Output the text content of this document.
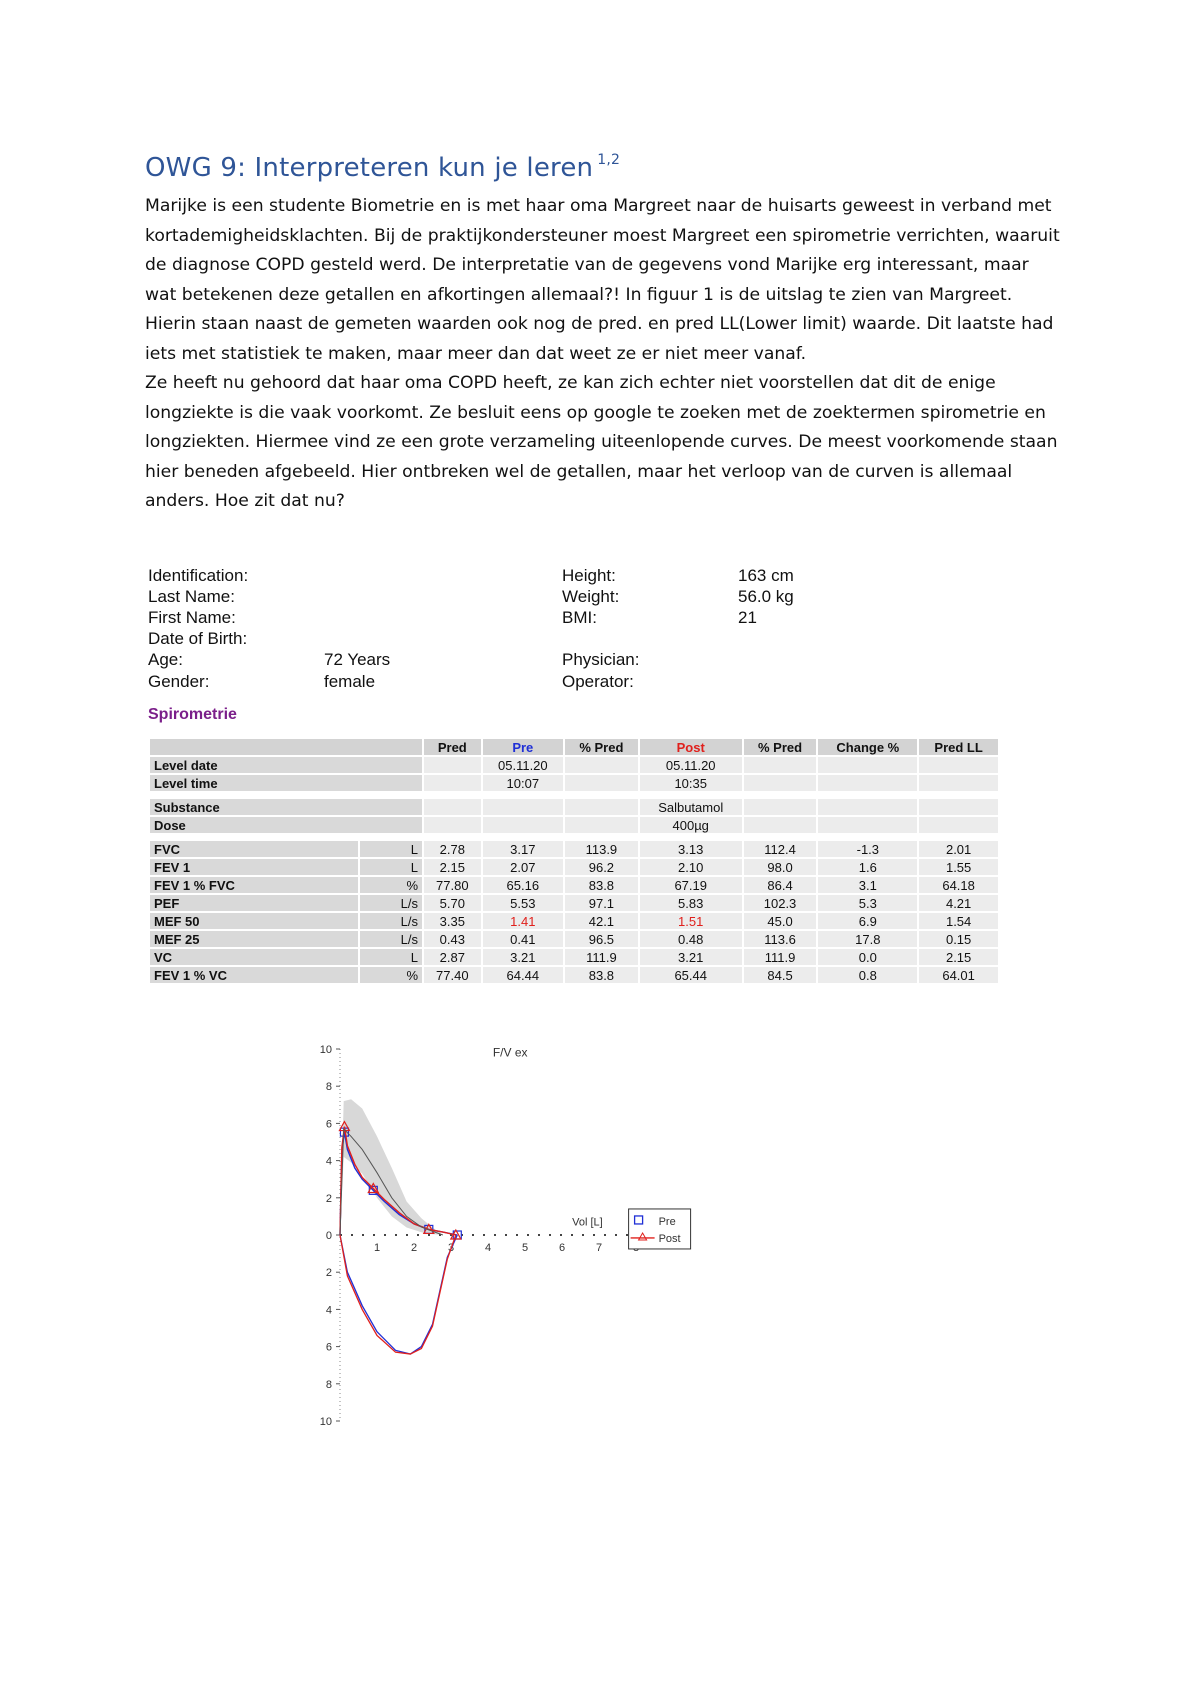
OWG 9: Interpreteren kun je leren $^{1,2}$

Marijke is een studente Biometrie en is met haar oma Margreet naar de huisarts geweest in verband met kortademigheidsklachten. Bij de praktijkondersteuner moest Margreet een spirometrie verrichten, waaruit de diagnose COPD gesteld werd. De interpretatie van de gegevens vond Marijke erg interessant, maar wat betekenen deze getallen en afkortingen allemaal?! In figuur 1 is de uitslag te zien van Margreet. Hierin staan naast de gemeten waarden ook nog de pred. en pred LL(Lower limit) waarde. Dit laatste had iets met statistiek te maken, maar meer dan dat weet ze er niet meer vanaf.

Ze heeft nu gehoord dat haar oma COPD heeft, ze kan zich echter niet voorstellen dat dit de enige longziekte is die vaak voorkomt. Ze besluit eens op google te zoeken met de zoektermen spirometrie en longziekten. Hiermee vind ze een grote verzameling uiteenlopende curves. De meest voorkomende staan hier beneden afgebeeld. Hier ontbreken wel de getallen, maar het verloop van de curven is allemaal anders. Hoe zit dat nu?

Identification:
Last Name:
First Name:
Date of Birth:
Age:	72 Years
Gender:	female
Height:	163 cm
Weight:	56.0 kg
BMI:	21
Physician:
Operator:
Spirometrie
		Pred	Pre	% Pred	Post	% Pred	Change %	Pred LL
Level date			05.11.20		05.11.20			
Level time			10:07		10:35			

Substance					Salbutamol			
Dose					400µg			

FVC	L	2.78	3.17	113.9	3.13	112.4	-1.3	2.01
FEV 1	L	2.15	2.07	96.2	2.10	98.0	1.6	1.55
FEV 1 % FVC	%	77.80	65.16	83.8	67.19	86.4	3.1	64.18
PEF	L/s	5.70	5.53	97.1	5.83	102.3	5.3	4.21
MEF 50	L/s	3.35	1.41	42.1	1.51	45.0	6.9	1.54
MEF 25	L/s	0.43	0.41	96.5	0.48	113.6	17.8	0.15
VC	L	2.87	3.21	111.9	3.21	111.9	0.0	2.15
FEV 1 % VC	%	77.40	64.44	83.8	65.44	84.5	0.8	64.01
10
8
6
4
2
0
2
4
6
8
10
1	2	3	4	5	6	7
F/V ex
Vol [L]	Pre
Post
